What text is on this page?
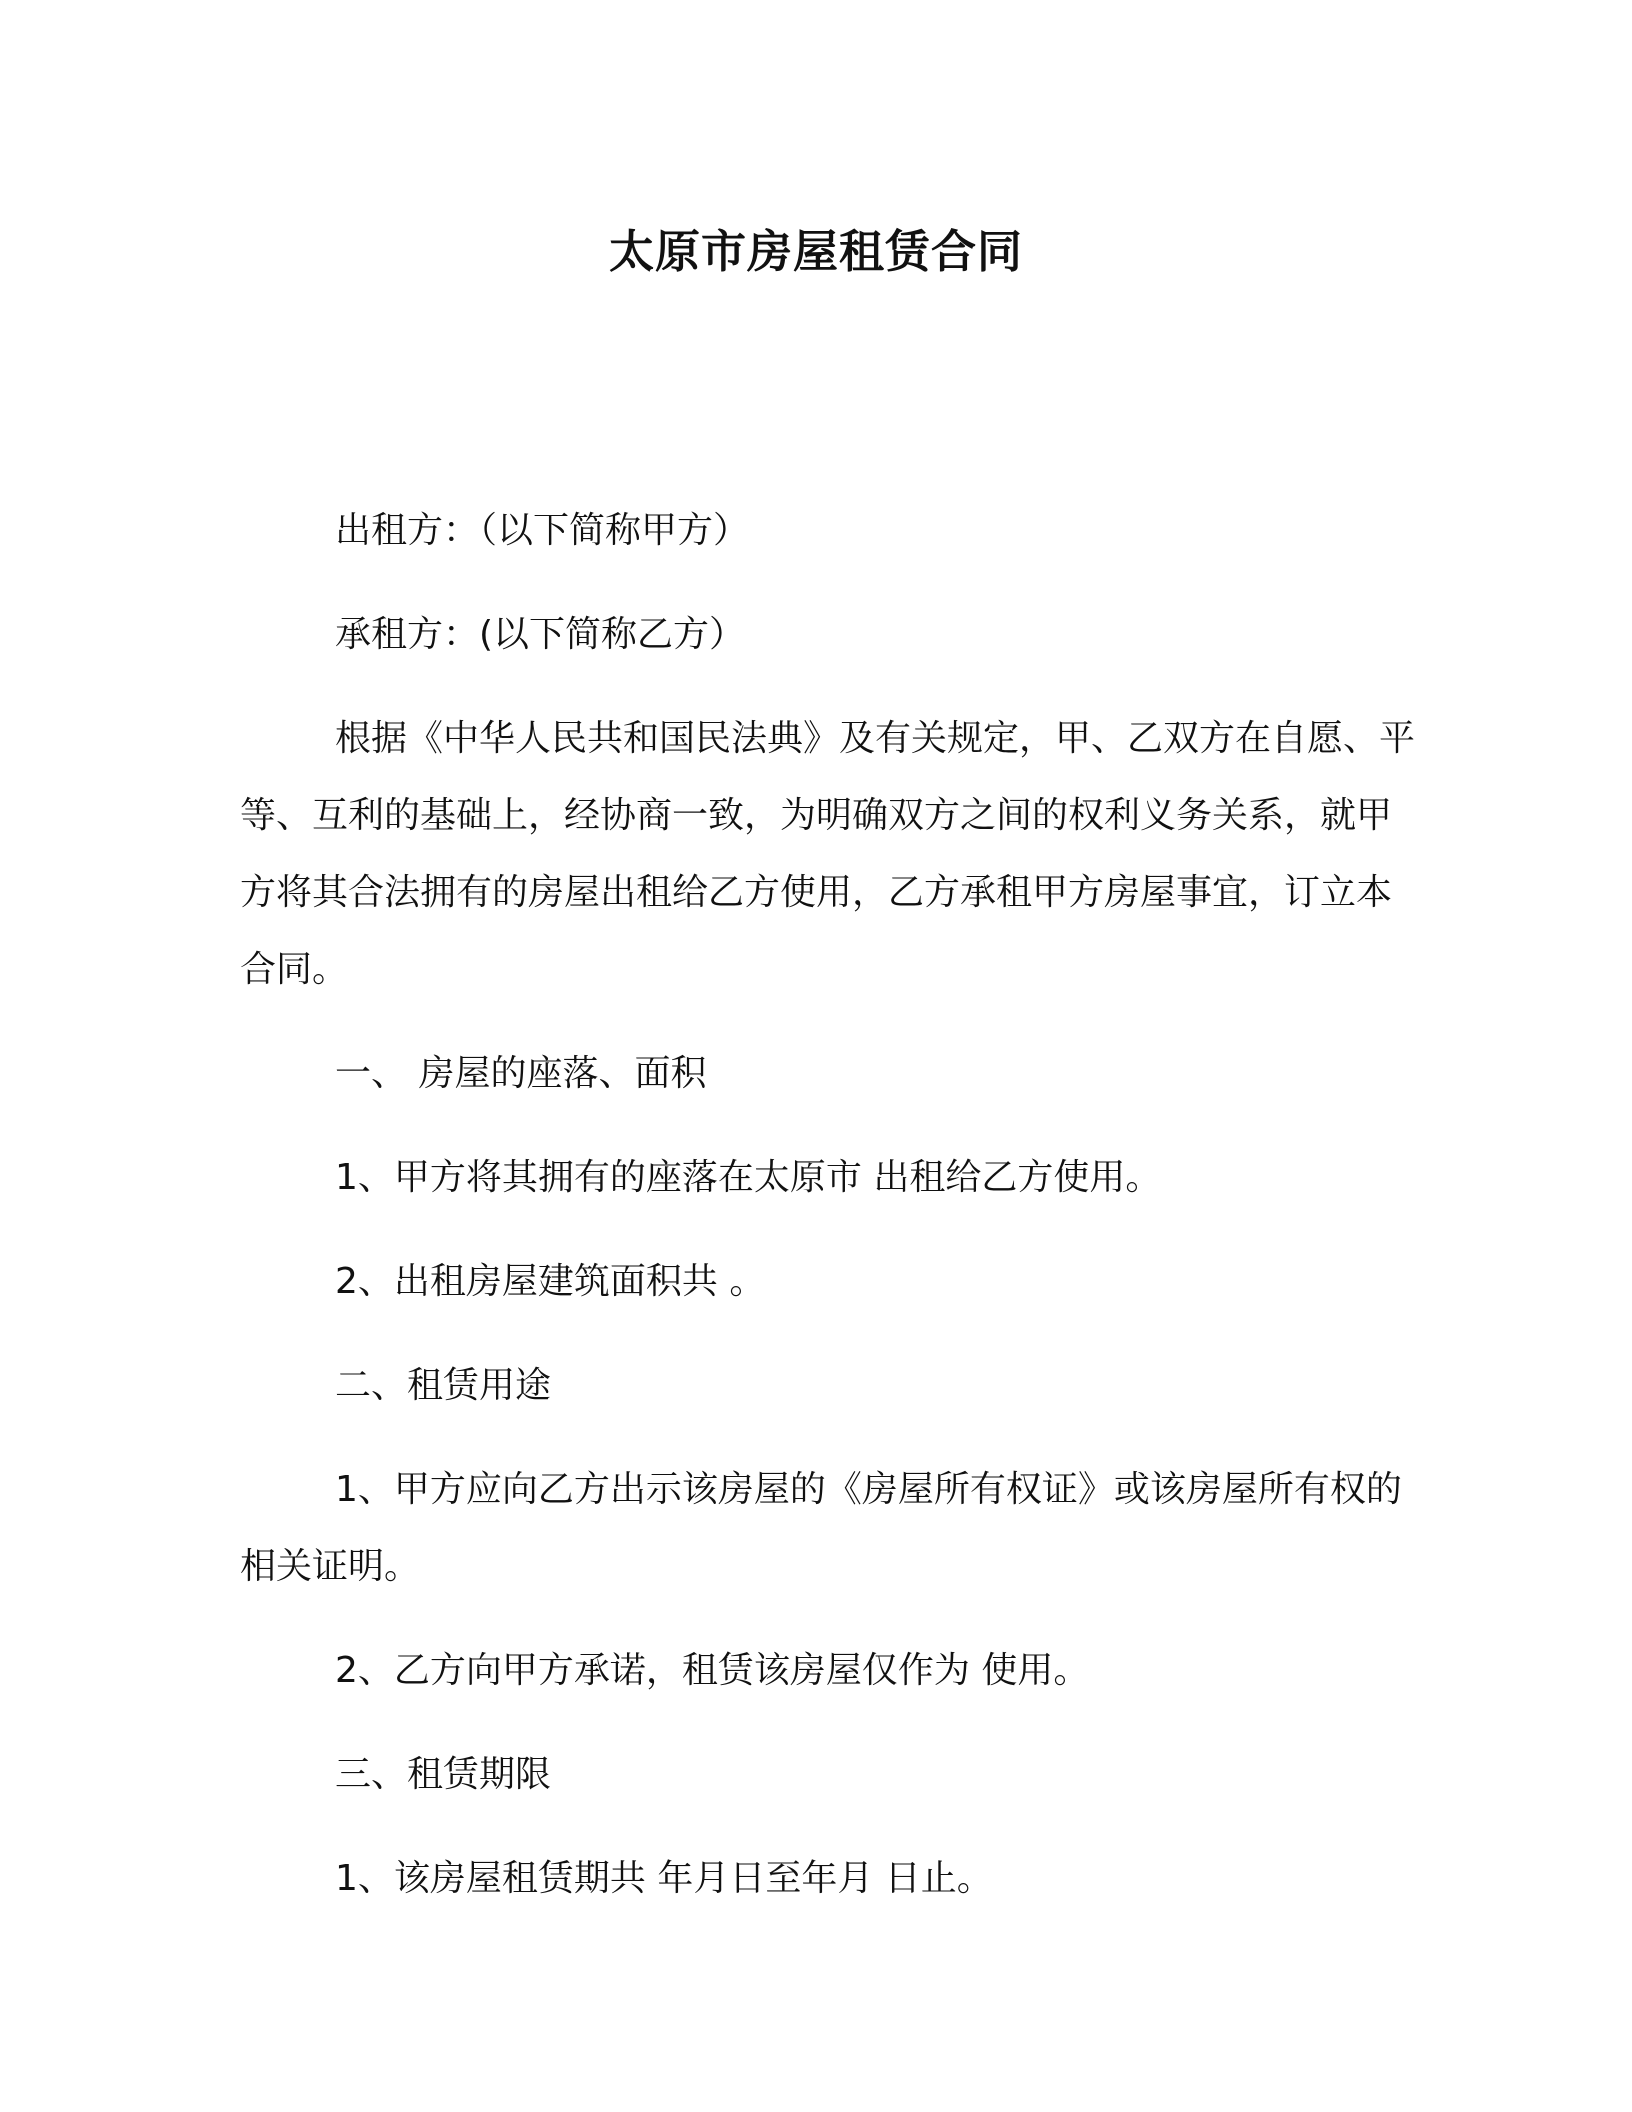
太原市房屋租赁合同

出租方：（以下简称甲方）

承租方：(以下简称乙方）

根据《中华人民共和国民法典》及有关规定，甲、乙双方在自愿、平等、互利的基础上，经协商一致，为明确双方之间的权利义务关系，就甲方将其合法拥有的房屋出租给乙方使用，乙方承租甲方房屋事宜，订立本合同。

一、 房屋的座落、面积

1、甲方将其拥有的座落在太原市 出租给乙方使用。

2、出租房屋建筑面积共 。

二、租赁用途

1、甲方应向乙方出示该房屋的《房屋所有权证》或该房屋所有权的相关证明。

2、乙方向甲方承诺，租赁该房屋仅作为 使用。

三、租赁期限

1、该房屋租赁期共 年月日至年月 日止。
